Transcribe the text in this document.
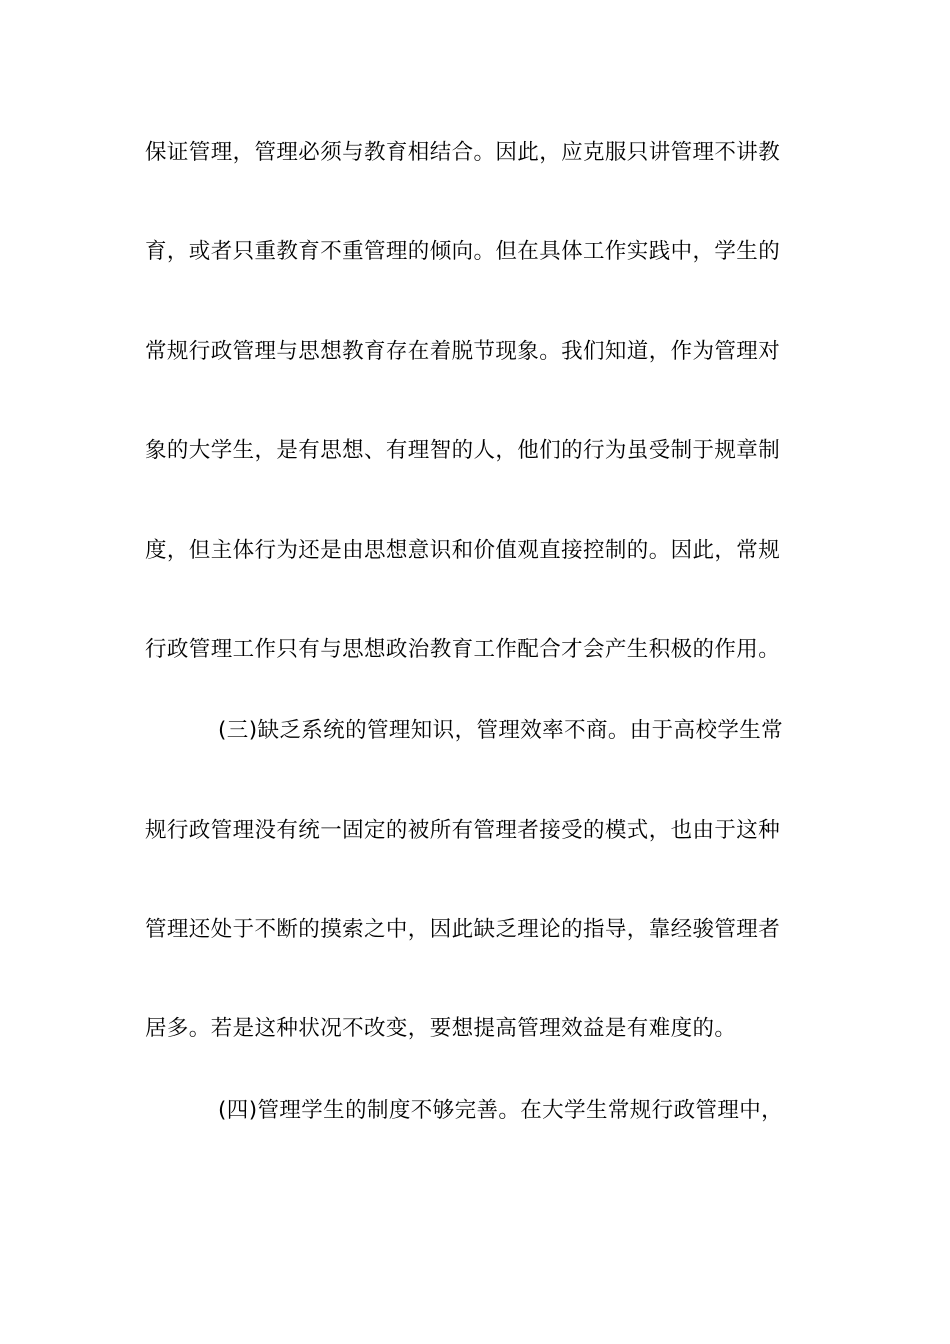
保证管理，管理必须与教育相结合。因此，应克服只讲管理不讲教
育，或者只重教育不重管理的倾向。但在具体工作实践中，学生的
常规行政管理与思想教育存在着脱节现象。我们知道，作为管理对
象的大学生，是有思想、有理智的人，他们的行为虽受制于规章制
度，但主体行为还是由思想意识和价值观直接控制的。因此，常规
行政管理工作只有与思想政治教育工作配合才会产生积极的作用。
(三)缺乏系统的管理知识，管理效率不商。由于高校学生常
规行政管理没有统一固定的被所有管理者接受的模式，也由于这种
管理还处于不断的摸索之中，因此缺乏理论的指导，靠经骏管理者
居多。若是这种状况不改变，要想提高管理效益是有难度的。
(四)管理学生的制度不够完善。在大学生常规行政管理中，
